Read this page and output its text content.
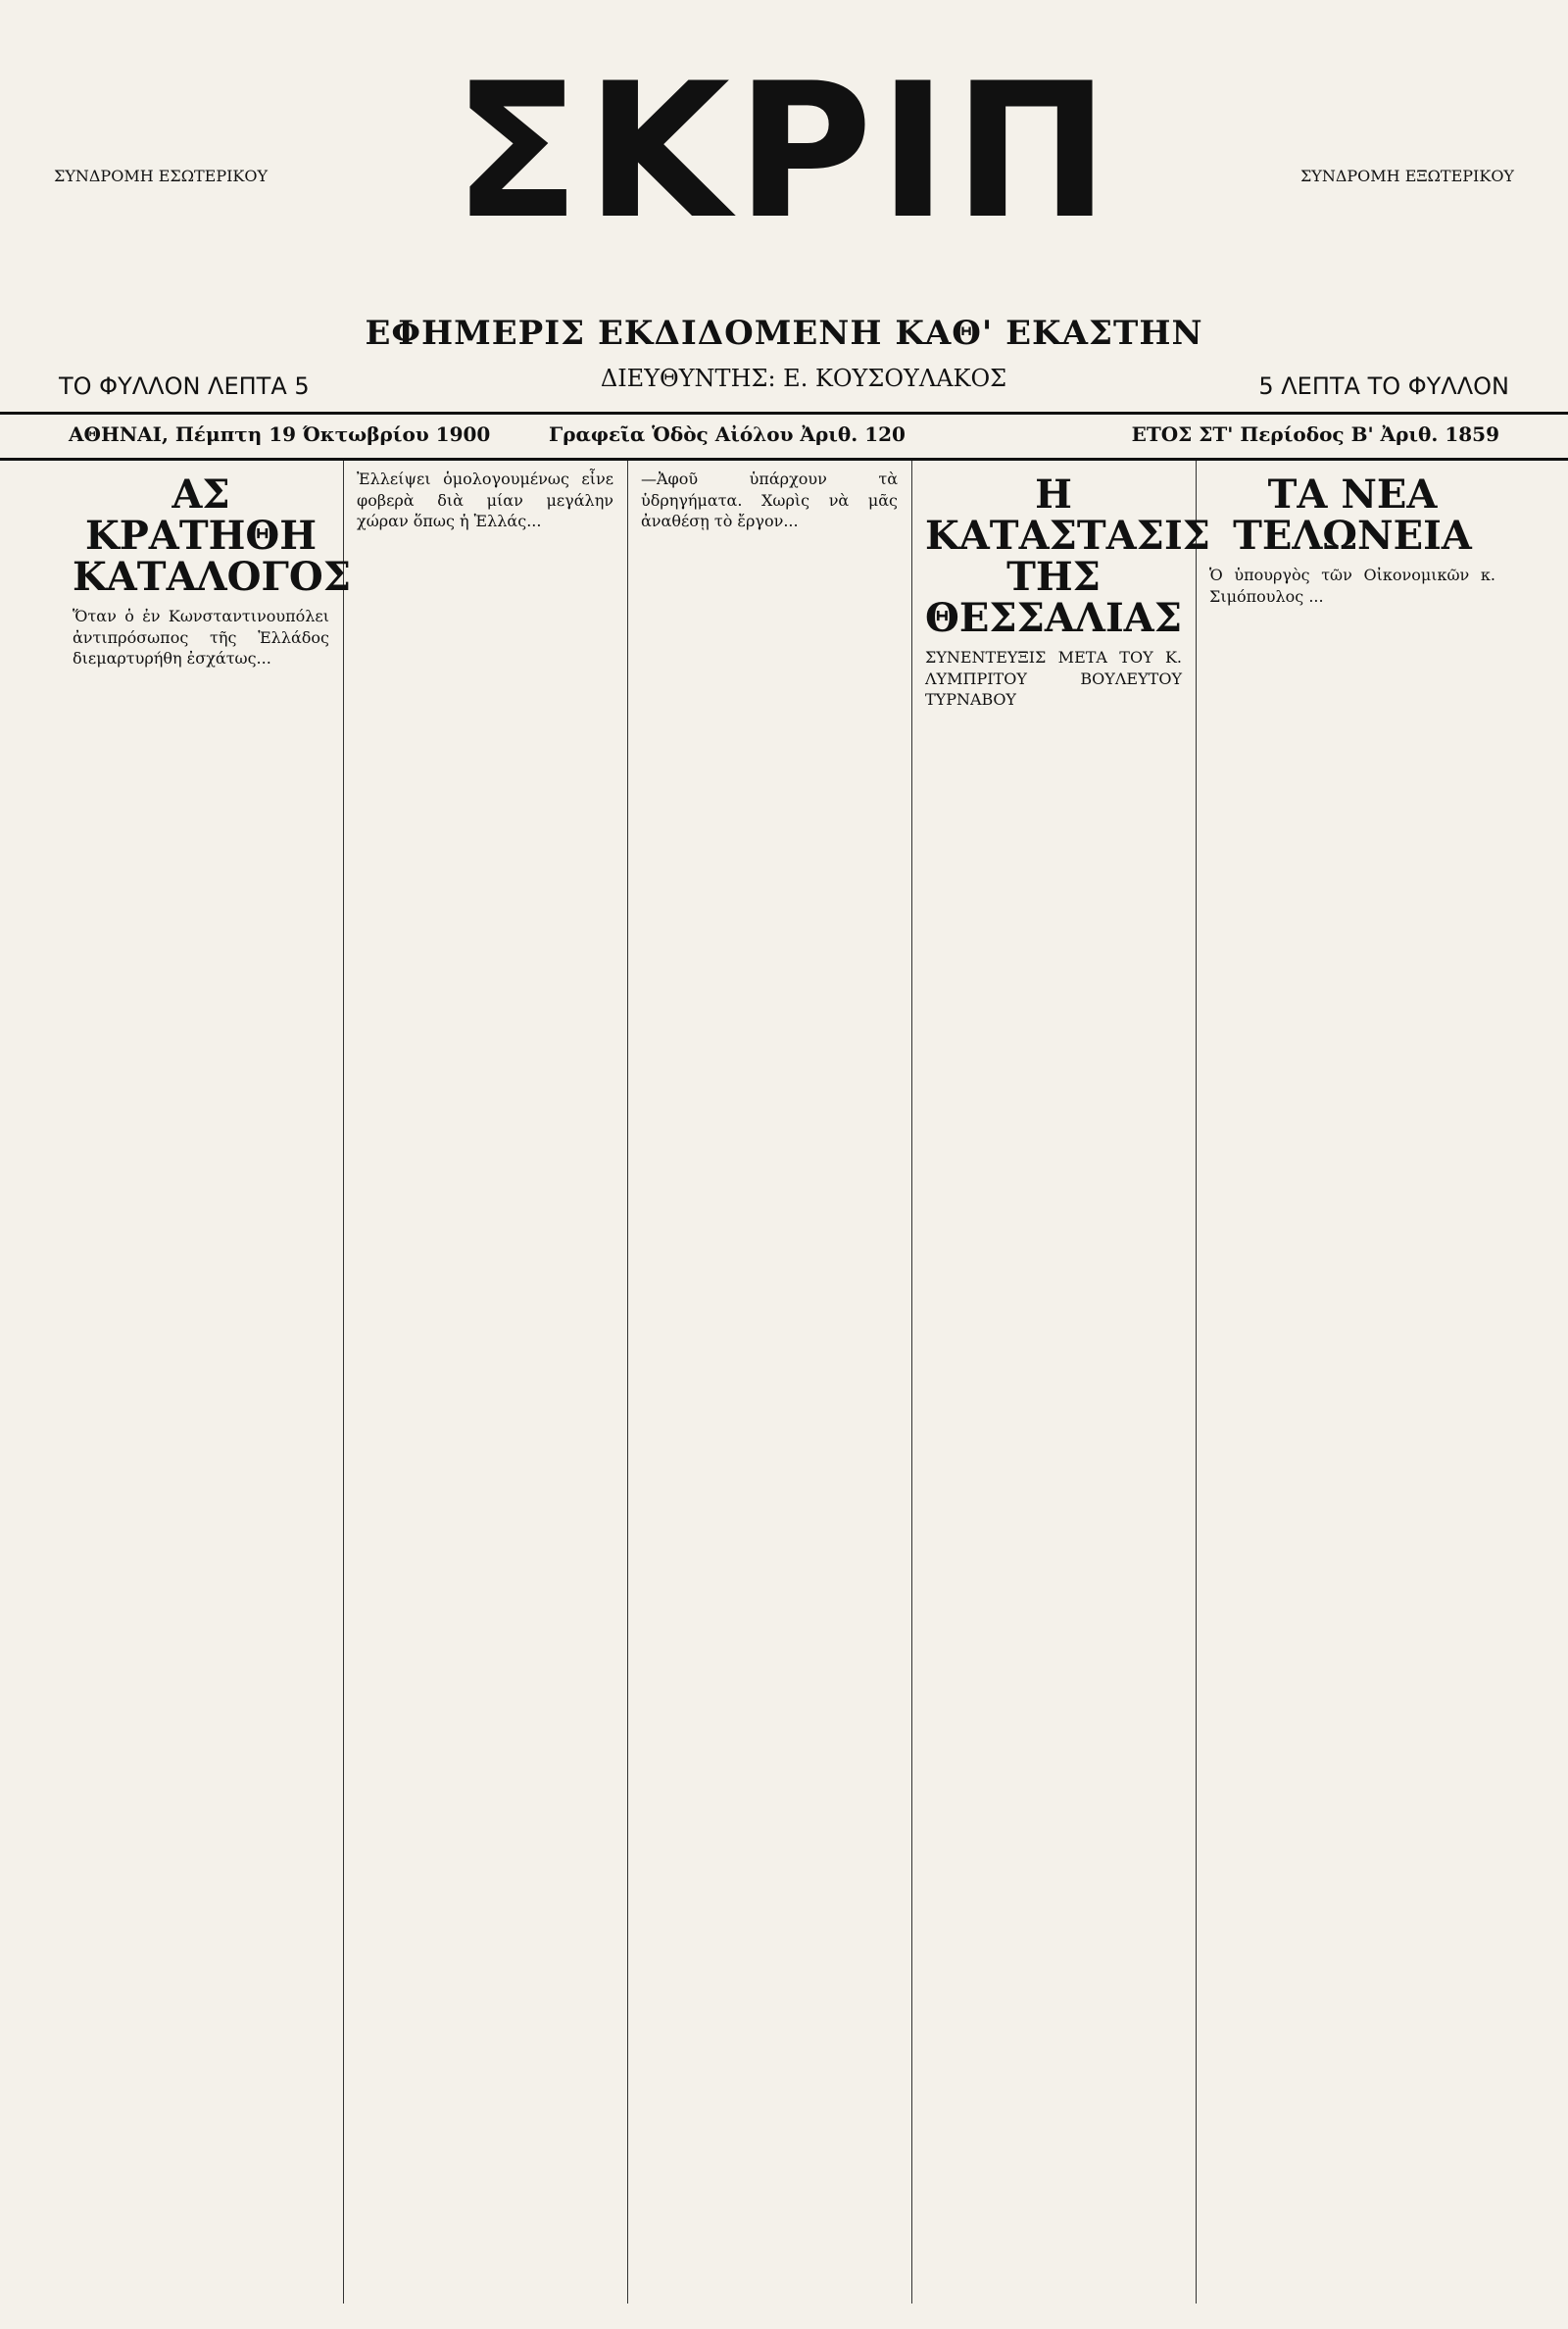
ΣΥΝΔΡΟΜΗ ΕΣΩΤΕΡΙΚΟΥ
ΤΟ ΦΥΛΛΟΝ ΛΕΠΤΑ 5
ΣΚΡΙΠ
ΕΦΗΜΕΡΙΣ ΕΚΔΙΔΟΜΕΝΗ ΚΑΘ' ΕΚΑΣΤΗΝ
ΔΙΕΥΘΥΝΤΗΣ: Ε. ΚΟΥΣΟΥΛΑΚΟΣ
ΣΥΝΔΡΟΜΗ ΕΞΩΤΕΡΙΚΟΥ
5 ΛΕΠΤΑ ΤΟ ΦΥΛΛΟΝ
ΑΘΗΝΑΙ, Πέμπτη 19 Όκτωβρίου 1900	Γραφεῖα Ὁδὸς Αἰόλου Ἀριθ. 120	ΕΤΟΣ ΣΤ' Περίοδος Β' Ἀριθ. 1859
ΑΣ ΚΡΑΤΗΘΗ ΚΑΤΑΛΟΓΟΣ
Ὅταν ὁ ἐν Κωνσταντινουπόλει ἀντιπρόσωπος τῆς Ἑλλάδος διεμαρτυρήθη ἐσχάτως...
Ἐλλείψει ὁμολογουμένως εἶνε φοβερὰ διὰ μίαν μεγάλην χώραν ὅπως ἡ Ἑλλάς...
—Ἀφοῦ ὑπάρχουν τὰ ὑδρηγήματα. Χωρὶς νὰ μᾶς ἀναθέσῃ τὸ ἔργον...
Η ΚΑΤΑΣΤΑΣΙΣ ΤΗΣ ΘΕΣΣΑΛΙΑΣ
ΣΥΝΕΝΤΕΥΞΙΣ ΜΕΤΑ ΤΟΥ Κ. ΛΥΜΠΡΙΤΟΥ ΒΟΥΛΕΥΤΟΥ ΤΥΡΝΑΒΟΥ
ΤΑ ΝΕΑ ΤΕΛΩΝΕΙΑ
Ὁ ὑπουργὸς τῶν Οἰκονομικῶν κ. Σιμόπουλος ...
